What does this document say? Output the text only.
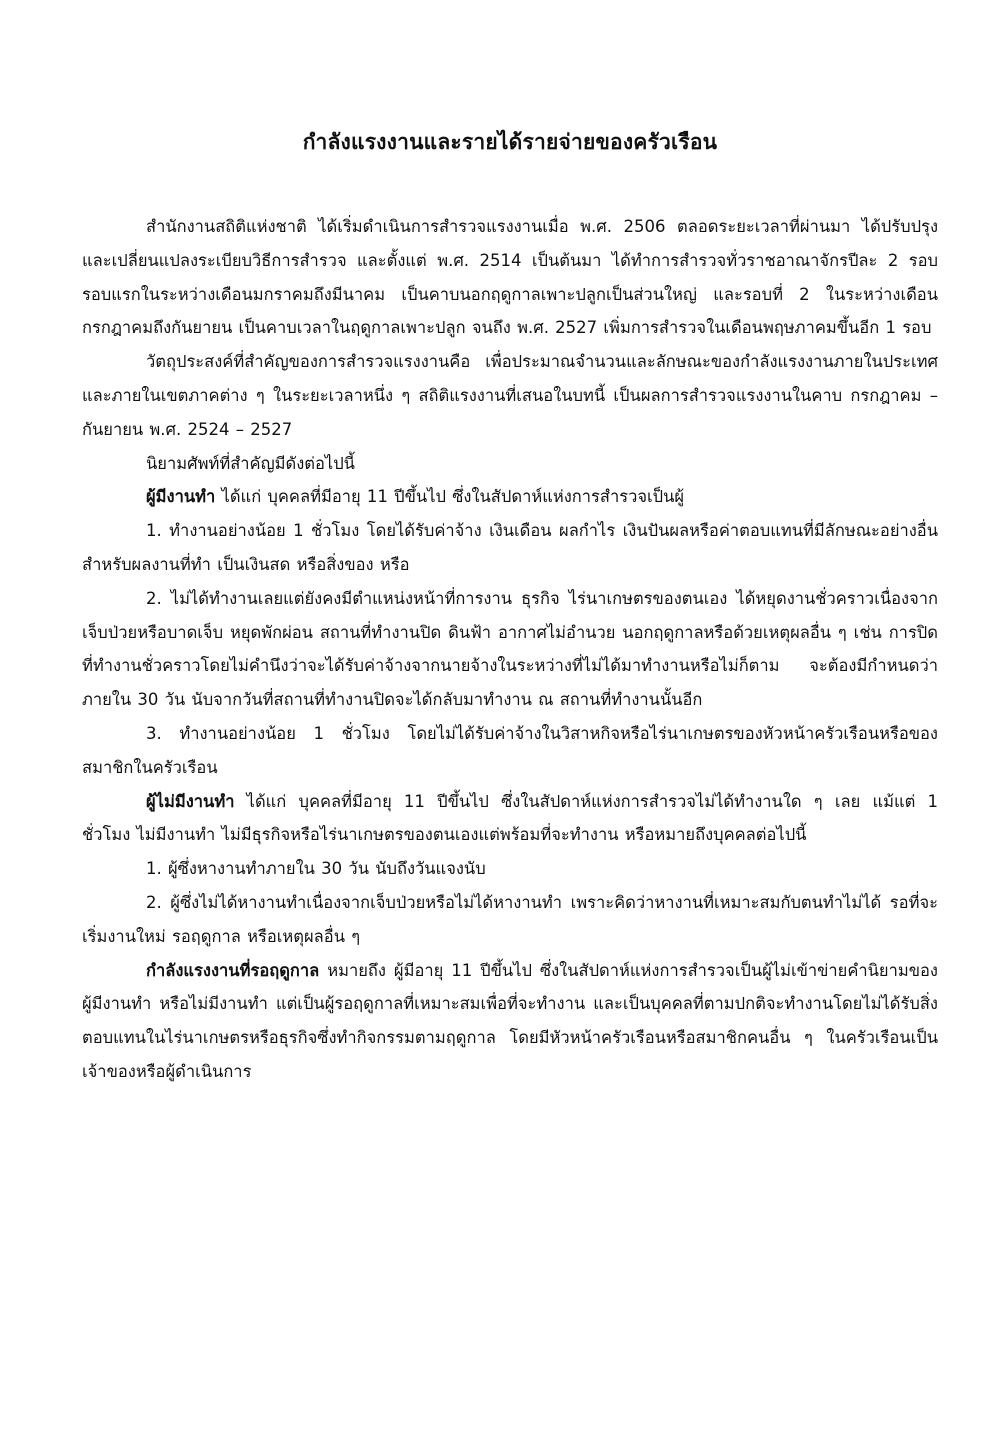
กำลังแรงงานและรายได้รายจ่ายของครัวเรือน

สำนักงานสถิติแห่งชาติ ได้เริ่มดำเนินการสำรวจแรงงานเมื่อ พ.ศ. 2506 ตลอดระยะเวลาที่ผ่านมา ได้ปรับปรุงและเปลี่ยนแปลงระเบียบวิธีการสำรวจ และตั้งแต่ พ.ศ. 2514 เป็นต้นมา ได้ทำการสำรวจทั่วราชอาณาจักรปีละ 2 รอบ รอบแรกในระหว่างเดือนมกราคมถึงมีนาคม เป็นคาบนอกฤดูกาลเพาะปลูกเป็นส่วนใหญ่ และรอบที่ 2 ในระหว่างเดือนกรกฎาคมถึงกันยายน เป็นคาบเวลาในฤดูกาลเพาะปลูก จนถึง พ.ศ. 2527 เพิ่มการสำรวจในเดือนพฤษภาคมขึ้นอีก 1 รอบ

วัตถุประสงค์ที่สำคัญของการสำรวจแรงงานคือ เพื่อประมาณจำนวนและลักษณะของกำลังแรงงานภายในประเทศ และภายในเขตภาคต่าง ๆ ในระยะเวลาหนึ่ง ๆ สถิติแรงงานที่เสนอในบทนี้ เป็นผลการสำรวจแรงงานในคาบ กรกฎาคม – กันยายน พ.ศ. 2524 – 2527

นิยามศัพท์ที่สำคัญมีดังต่อไปนี้

ผู้มีงานทำ ได้แก่ บุคคลที่มีอายุ 11 ปีขึ้นไป ซึ่งในสัปดาห์แห่งการสำรวจเป็นผู้

1. ทำงานอย่างน้อย 1 ชั่วโมง โดยได้รับค่าจ้าง เงินเดือน ผลกำไร เงินปันผลหรือค่าตอบแทนที่มีลักษณะอย่างอื่น สำหรับผลงานที่ทำ เป็นเงินสด หรือสิ่งของ หรือ

2. ไม่ได้ทำงานเลยแต่ยังคงมีตำแหน่งหน้าที่การงาน ธุรกิจ ไร่นาเกษตรของตนเอง ได้หยุดงานชั่วคราวเนื่องจากเจ็บป่วยหรือบาดเจ็บ หยุดพักผ่อน สถานที่ทำงานปิด ดินฟ้า อากาศไม่อำนวย นอกฤดูกาลหรือด้วยเหตุผลอื่น ๆ เช่น การปิดที่ทำงานชั่วคราวโดยไม่คำนึงว่าจะได้รับค่าจ้างจากนายจ้างในระหว่างที่ไม่ได้มาทำงานหรือไม่ก็ตาม จะต้องมีกำหนดว่า ภายใน 30 วัน นับจากวันที่สถานที่ทำงานปิดจะได้กลับมาทำงาน ณ สถานที่ทำงานนั้นอีก

3. ทำงานอย่างน้อย 1 ชั่วโมง โดยไม่ได้รับค่าจ้างในวิสาหกิจหรือไร่นาเกษตรของหัวหน้าครัวเรือนหรือของสมาชิกในครัวเรือน

ผู้ไม่มีงานทำ ได้แก่ บุคคลที่มีอายุ 11 ปีขึ้นไป ซึ่งในสัปดาห์แห่งการสำรวจไม่ได้ทำงานใด ๆ เลย แม้แต่ 1 ชั่วโมง ไม่มีงานทำ ไม่มีธุรกิจหรือไร่นาเกษตรของตนเองแต่พร้อมที่จะทำงาน หรือหมายถึงบุคคลต่อไปนี้

1. ผู้ซึ่งหางานทำภายใน 30 วัน นับถึงวันแจงนับ

2. ผู้ซึ่งไม่ได้หางานทำเนื่องจากเจ็บป่วยหรือไม่ได้หางานทำ เพราะคิดว่าหางานที่เหมาะสมกับตนทำไม่ได้ รอที่จะเริ่มงานใหม่ รอฤดูกาล หรือเหตุผลอื่น ๆ

กำลังแรงงานที่รอฤดูกาล หมายถึง ผู้มีอายุ 11 ปีขึ้นไป ซึ่งในสัปดาห์แห่งการสำรวจเป็นผู้ไม่เข้าข่ายคำนิยามของผู้มีงานทำ หรือไม่มีงานทำ แต่เป็นผู้รอฤดูกาลที่เหมาะสมเพื่อที่จะทำงาน และเป็นบุคคลที่ตามปกติจะทำงานโดยไม่ได้รับสิ่งตอบแทนในไร่นาเกษตรหรือธุรกิจซึ่งทำกิจกรรมตามฤดูกาล โดยมีหัวหน้าครัวเรือนหรือสมาชิกคนอื่น ๆ ในครัวเรือนเป็นเจ้าของหรือผู้ดำเนินการ
